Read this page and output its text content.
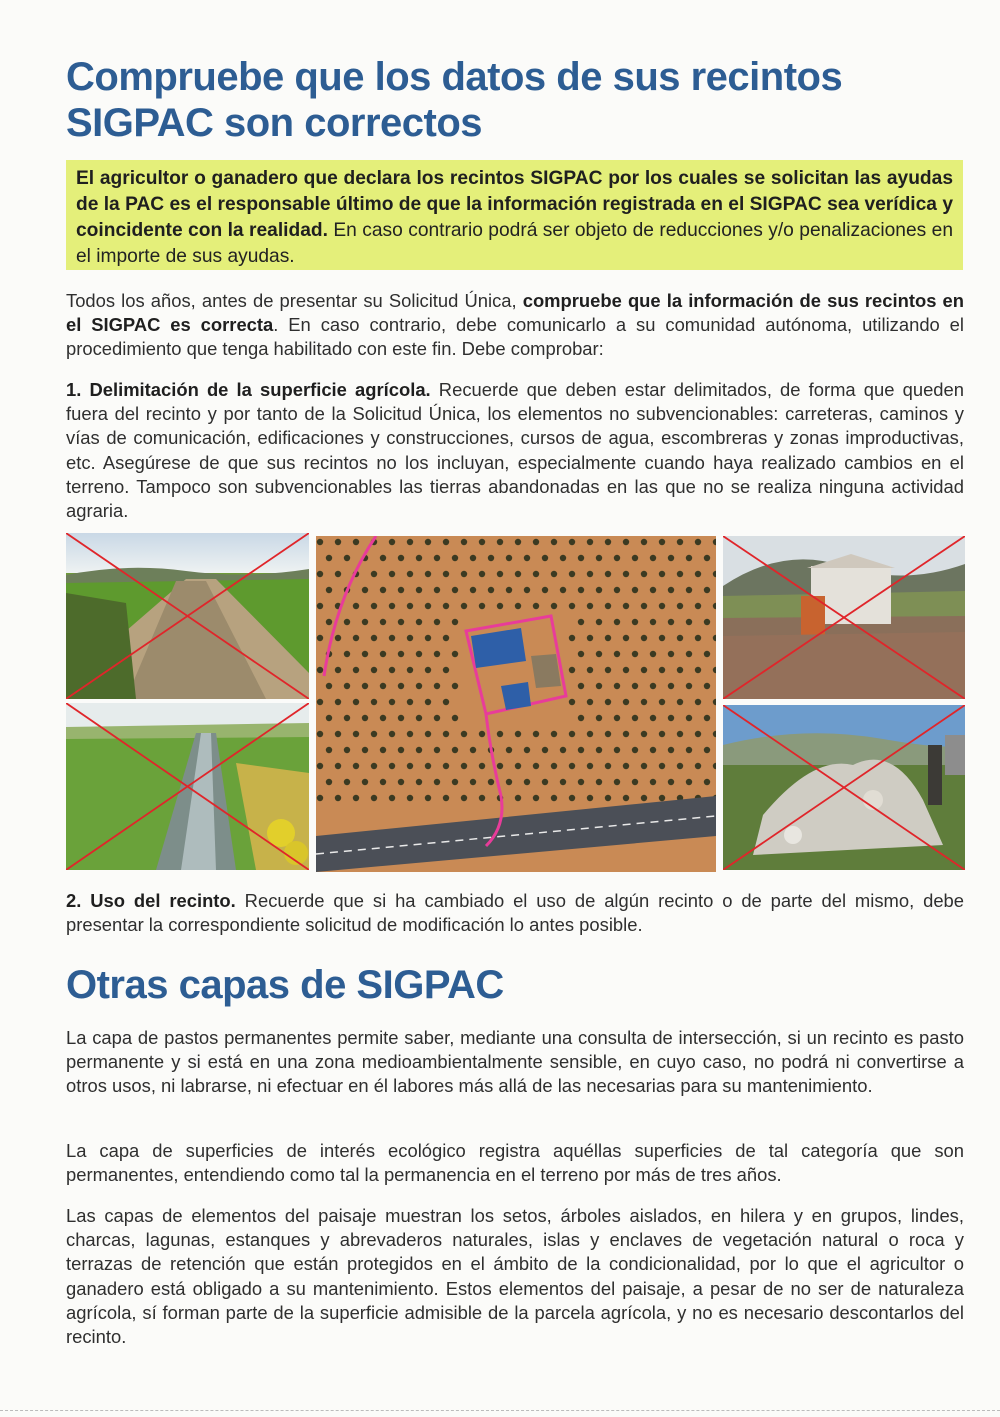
Compruebe que los datos de sus recintos SIGPAC son correctos
El agricultor o ganadero que declara los recintos SIGPAC por los cuales se solicitan las ayudas de la PAC es el responsable último de que la información registrada en el SIGPAC sea verídica y coincidente con la realidad. En caso contrario podrá ser objeto de reducciones y/o penalizaciones en el importe de sus ayudas.

Todos los años, antes de presentar su Solicitud Única, compruebe que la información de sus recintos en el SIGPAC es correcta. En caso contrario, debe comunicarlo a su comunidad autónoma, utilizando el procedimiento que tenga habilitado con este fin. Debe comprobar:

1. Delimitación de la superficie agrícola. Recuerde que deben estar delimitados, de forma que queden fuera del recinto y por tanto de la Solicitud Única, los elementos no subvencionables: carreteras, caminos y vías de comunicación, edificaciones y construcciones, cursos de agua, escombreras y zonas improductivas, etc. Asegúrese de que sus recintos no los incluyan, especialmente cuando haya realizado cambios en el terreno. Tampoco son subvencionables las tierras abandonadas en las que no se realiza ninguna actividad agraria.

2. Uso del recinto. Recuerde que si ha cambiado el uso de algún recinto o de parte del mismo, debe presentar la correspondiente solicitud de modificación lo antes posible.

Otras capas de SIGPAC

La capa de pastos permanentes permite saber, mediante una consulta de intersección, si un recinto es pasto permanente y si está en una zona medioambientalmente sensible, en cuyo caso, no podrá ni convertirse a otros usos, ni labrarse, ni efectuar en él labores más allá de las necesarias para su mantenimiento.

La capa de superficies de interés ecológico registra aquéllas superficies de tal categoría que son permanentes, entendiendo como tal la permanencia en el terreno por más de tres años.

Las capas de elementos del paisaje muestran los setos, árboles aislados, en hilera y en grupos, lindes, charcas, lagunas, estanques y abrevaderos naturales, islas y enclaves de vegetación natural o roca y terrazas de retención que están protegidos en el ámbito de la condicionalidad, por lo que el agricultor o ganadero está obligado a su mantenimiento. Estos elementos del paisaje, a pesar de no ser de naturaleza agrícola, sí forman parte de la superficie admisible de la parcela agrícola, y no es necesario descontarlos del recinto.
